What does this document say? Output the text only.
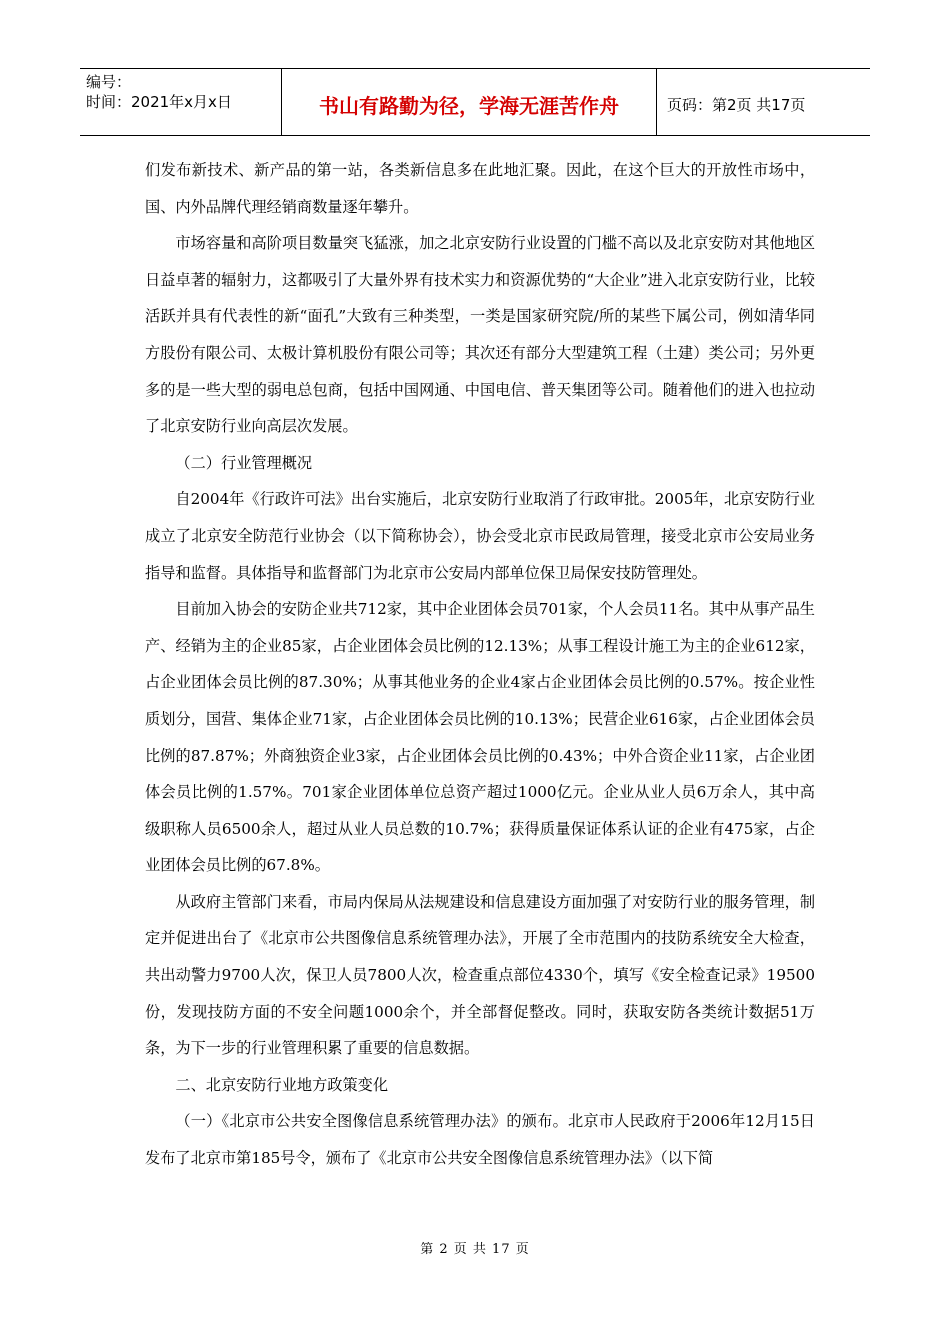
编号：
时间：2021年x月x日	书山有路勤为径，学海无涯苦作舟	页码：第2页 共17页

们发布新技术、新产品的第一站，各类新信息多在此地汇聚。因此，在这个巨大的开放性市场中，国、内外品牌代理经销商数量逐年攀升。

市场容量和高阶项目数量突飞猛涨，加之北京安防行业设置的门槛不高以及北京安防对其他地区日益卓著的辐射力，这都吸引了大量外界有技术实力和资源优势的“大企业”进入北京安防行业，比较活跃并具有代表性的新“面孔”大致有三种类型，一类是国家研究院/所的某些下属公司，例如清华同方股份有限公司、太极计算机股份有限公司等；其次还有部分大型建筑工程（土建）类公司；另外更多的是一些大型的弱电总包商，包括中国网通、中国电信、普天集团等公司。随着他们的进入也拉动了北京安防行业向高层次发展。

（二）行业管理概况

自2004年《行政许可法》出台实施后，北京安防行业取消了行政审批。2005年，北京安防行业成立了北京安全防范行业协会（以下简称协会），协会受北京市民政局管理，接受北京市公安局业务指导和监督。具体指导和监督部门为北京市公安局内部单位保卫局保安技防管理处。

目前加入协会的安防企业共712家，其中企业团体会员701家，个人会员11名。其中从事产品生产、经销为主的企业85家，占企业团体会员比例的12.13%；从事工程设计施工为主的企业612家，占企业团体会员比例的87.30%；从事其他业务的企业4家占企业团体会员比例的0.57%。按企业性质划分，国营、集体企业71家，占企业团体会员比例的10.13%；民营企业616家，占企业团体会员比例的87.87%；外商独资企业3家，占企业团体会员比例的0.43%；中外合资企业11家，占企业团体会员比例的1.57%。701家企业团体单位总资产超过1000亿元。企业从业人员6万余人，其中高级职称人员6500余人，超过从业人员总数的10.7%；获得质量保证体系认证的企业有475家，占企业团体会员比例的67.8%。

从政府主管部门来看，市局内保局从法规建设和信息建设方面加强了对安防行业的服务管理，制定并促进出台了《北京市公共图像信息系统管理办法》，开展了全市范围内的技防系统安全大检查，共出动警力9700人次，保卫人员7800人次，检查重点部位4330个，填写《安全检查记录》19500份，发现技防方面的不安全问题1000余个，并全部督促整改。同时，获取安防各类统计数据51万条，为下一步的行业管理积累了重要的信息数据。

二、北京安防行业地方政策变化

（一）《北京市公共安全图像信息系统管理办法》的颁布。北京市人民政府于2006年12月15日发布了北京市第185号令，颁布了《北京市公共安全图像信息系统管理办法》（以下简

第 2 页 共 17 页
